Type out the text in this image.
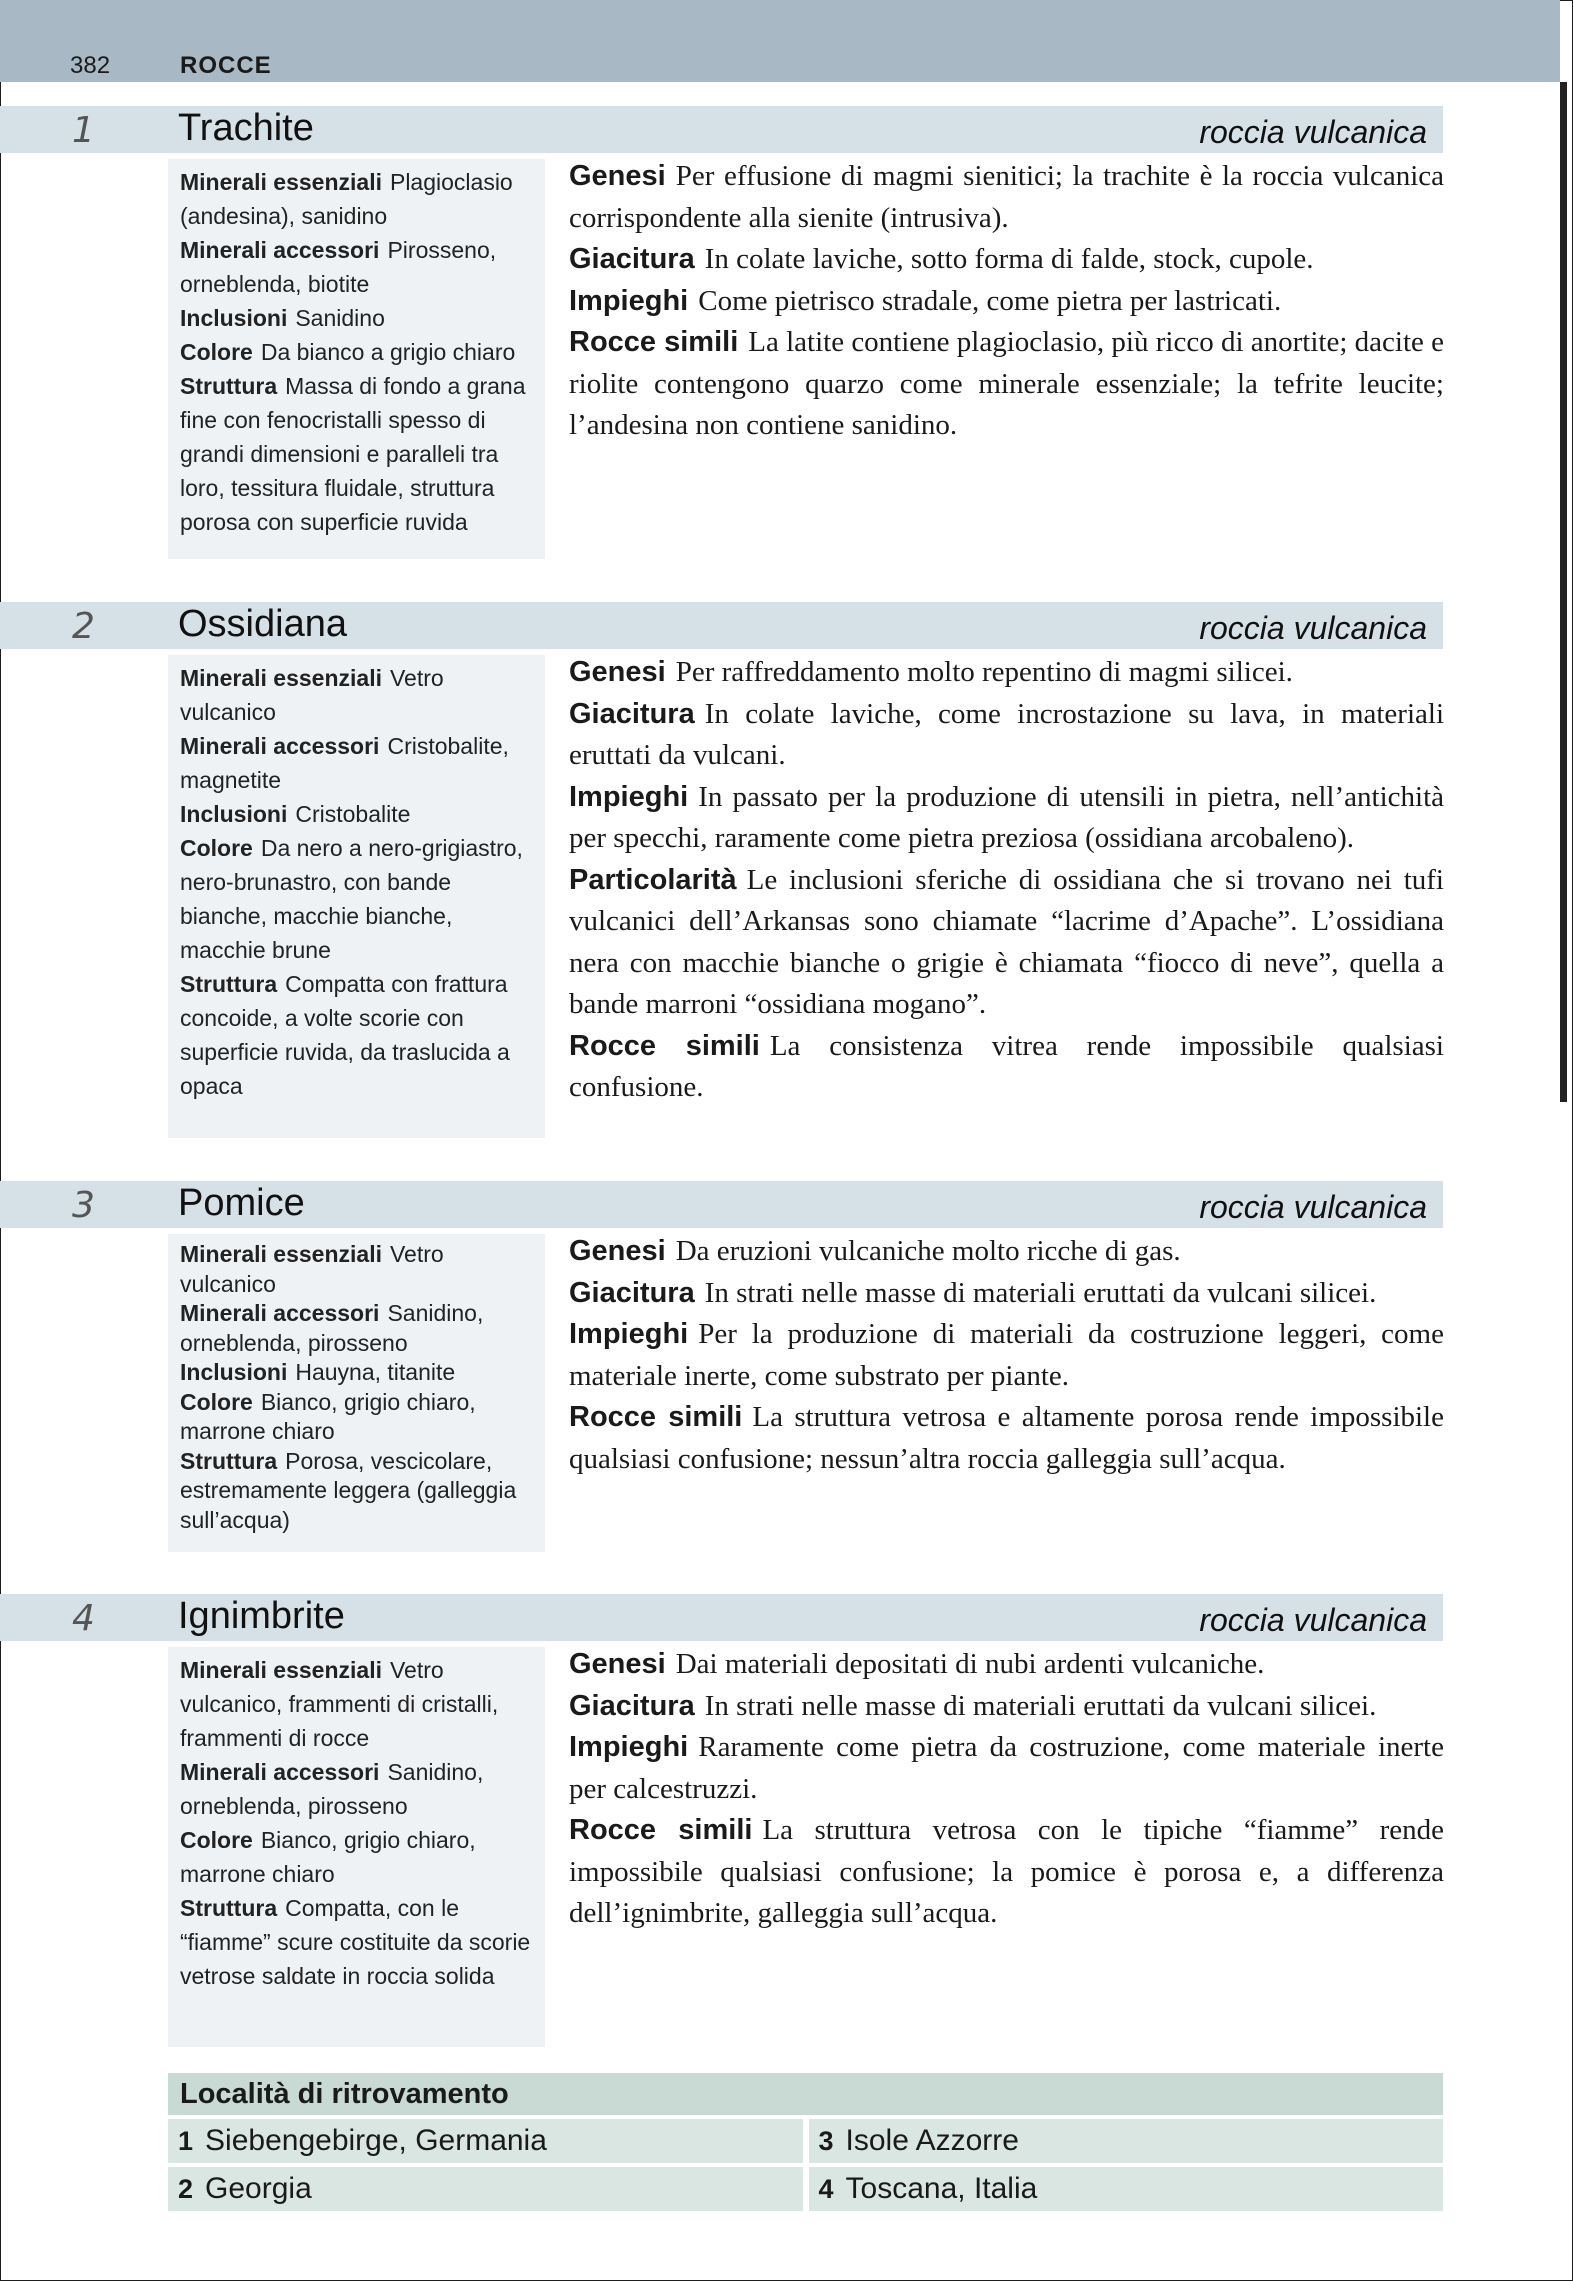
382	ROCCE
1 Trachite	roccia vulcanica
Minerali essenziali Plagioclasio (andesina), sanidino
Minerali accessori Pirosseno, orneblenda, biotite
Inclusioni Sanidino
Colore Da bianco a grigio chiaro
Struttura Massa di fondo a grana fine con fenocristalli spesso di grandi dimensioni e paralleli tra loro, tessitura fluidale, struttura porosa con superficie ruvida

Genesi Per effusione di magmi sienitici; la trachite è la roccia vulcanica corrispondente alla sienite (intrusiva).

Giacitura In colate laviche, sotto forma di falde, stock, cupole.

Impieghi Come pietrisco stradale, come pietra per lastricati.

Rocce simili La latite contiene plagioclasio, più ricco di anortite; dacite e riolite contengono quarzo come minerale essenziale; la tefrite leucite; l’andesina non contiene sanidino.

2 Ossidiana	roccia vulcanica
Minerali essenziali Vetro vulcanico
Minerali accessori Cristobalite, magnetite
Inclusioni Cristobalite
Colore Da nero a nero-grigiastro, nero-brunastro, con bande bianche, macchie bianche, macchie brune
Struttura Compatta con frattura concoide, a volte scorie con superficie ruvida, da traslucida a opaca

Genesi Per raffreddamento molto repentino di magmi silicei.

Giacitura In colate laviche, come incrostazione su lava, in materiali eruttati da vulcani.

Impieghi In passato per la produzione di utensili in pietra, nell’antichità per specchi, raramente come pietra preziosa (ossidiana arcobaleno).

Particolarità Le inclusioni sferiche di ossidiana che si trovano nei tufi vulcanici dell’Arkansas sono chiamate “lacrime d’Apache”. L’ossidiana nera con macchie bianche o grigie è chiamata “fiocco di neve”, quella a bande marroni “ossidiana mogano”.

Rocce simili La consistenza vitrea rende impossibile qualsiasi confusione.

3 Pomice	roccia vulcanica
Minerali essenziali Vetro vulcanico
Minerali accessori Sanidino, orneblenda, pirosseno
Inclusioni Hauyna, titanite
Colore Bianco, grigio chiaro, marrone chiaro
Struttura Porosa, vescicolare, estremamente leggera (galleggia sull’acqua)

Genesi Da eruzioni vulcaniche molto ricche di gas.

Giacitura In strati nelle masse di materiali eruttati da vulcani silicei.

Impieghi Per la produzione di materiali da costruzione leggeri, come materiale inerte, come substrato per piante.

Rocce simili La struttura vetrosa e altamente porosa rende impossibile qualsiasi confusione; nessun’altra roccia galleggia sull’acqua.

4 Ignimbrite	roccia vulcanica
Minerali essenziali Vetro vulcanico, frammenti di cristalli, frammenti di rocce
Minerali accessori Sanidino, orneblenda, pirosseno
Colore Bianco, grigio chiaro, marrone chiaro
Struttura Compatta, con le “fiamme” scure costituite da scorie vetrose saldate in roccia solida

Genesi Dai materiali depositati di nubi ardenti vulcaniche.

Giacitura In strati nelle masse di materiali eruttati da vulcani silicei.

Impieghi Raramente come pietra da costruzione, come materiale inerte per calcestruzzi.

Rocce simili La struttura vetrosa con le tipiche “fiamme” rende impossibile qualsiasi confusione; la pomice è porosa e, a differenza dell’ignimbrite, galleggia sull’acqua.

Località di ritrovamento
1 Siebengebirge, Germania	3 Isole Azzorre
2 Georgia	4 Toscana, Italia
